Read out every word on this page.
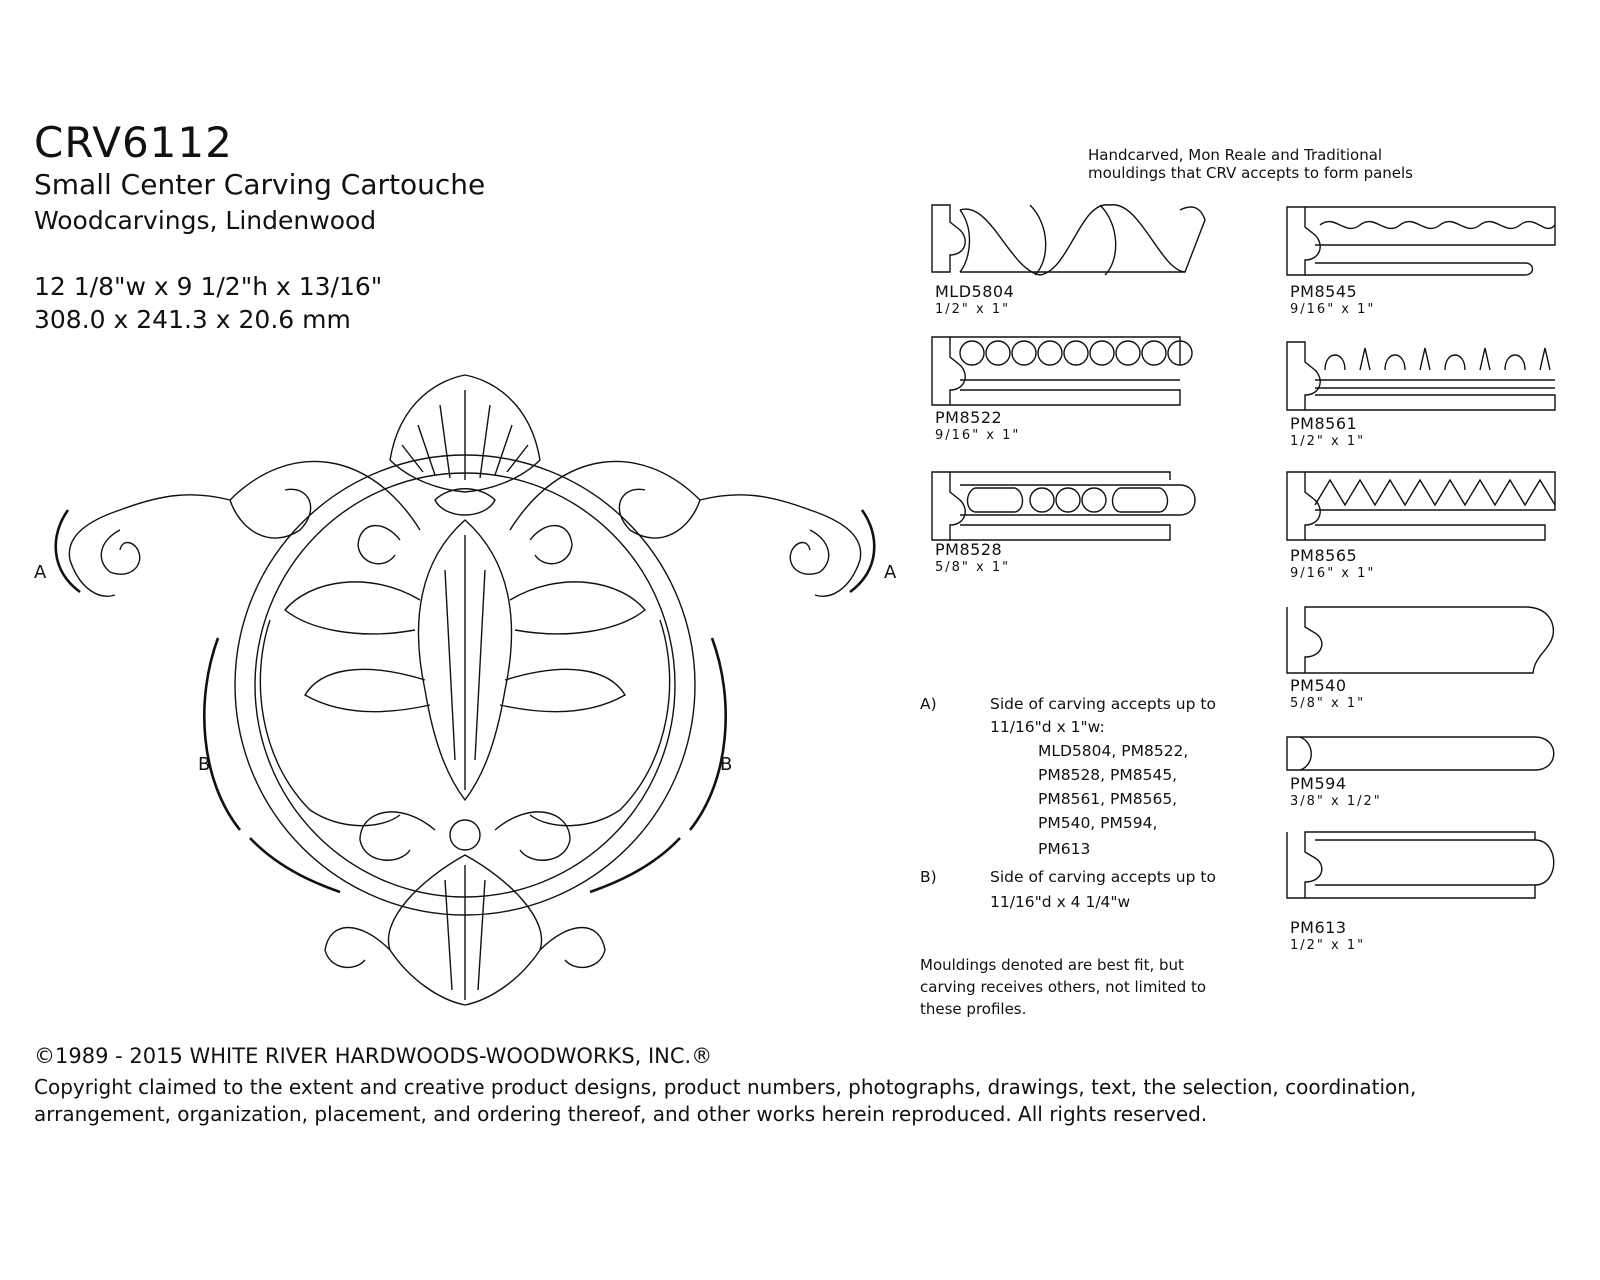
CRV6112
Small Center Carving Cartouche
Woodcarvings, Lindenwood
12 1/8"w x 9 1/2"h x 13/16"
308.0 x 241.3 x 20.6 mm
A	A
B	B
Handcarved, Mon Reale and Traditional
mouldings that CRV accepts to form panels
MLD5804
1/2" x 1"
PM8522
9/16" x 1"
PM8528
5/8" x 1"
PM8545
9/16" x 1"
PM8561
1/2" x 1"
PM8565
9/16" x 1"
PM540
5/8" x 1"
PM594
3/8" x 1/2"
PM613
1/2" x 1"
A)	Side of carving accepts up to
11/16"d x 1"w:
MLD5804, PM8522,
PM8528, PM8545,
PM8561, PM8565,
PM540, PM594,
PM613
B)	Side of carving accepts up to
11/16"d x 4 1/4"w
Mouldings denoted are best fit, but
carving receives others, not limited to
these profiles.
©1989 - 2015 WHITE RIVER HARDWOODS-WOODWORKS, INC.®
Copyright claimed to the extent and creative product designs, product numbers, photographs, drawings, text, the selection, coordination, arrangement, organization, placement, and ordering thereof, and other works herein reproduced. All rights reserved.
